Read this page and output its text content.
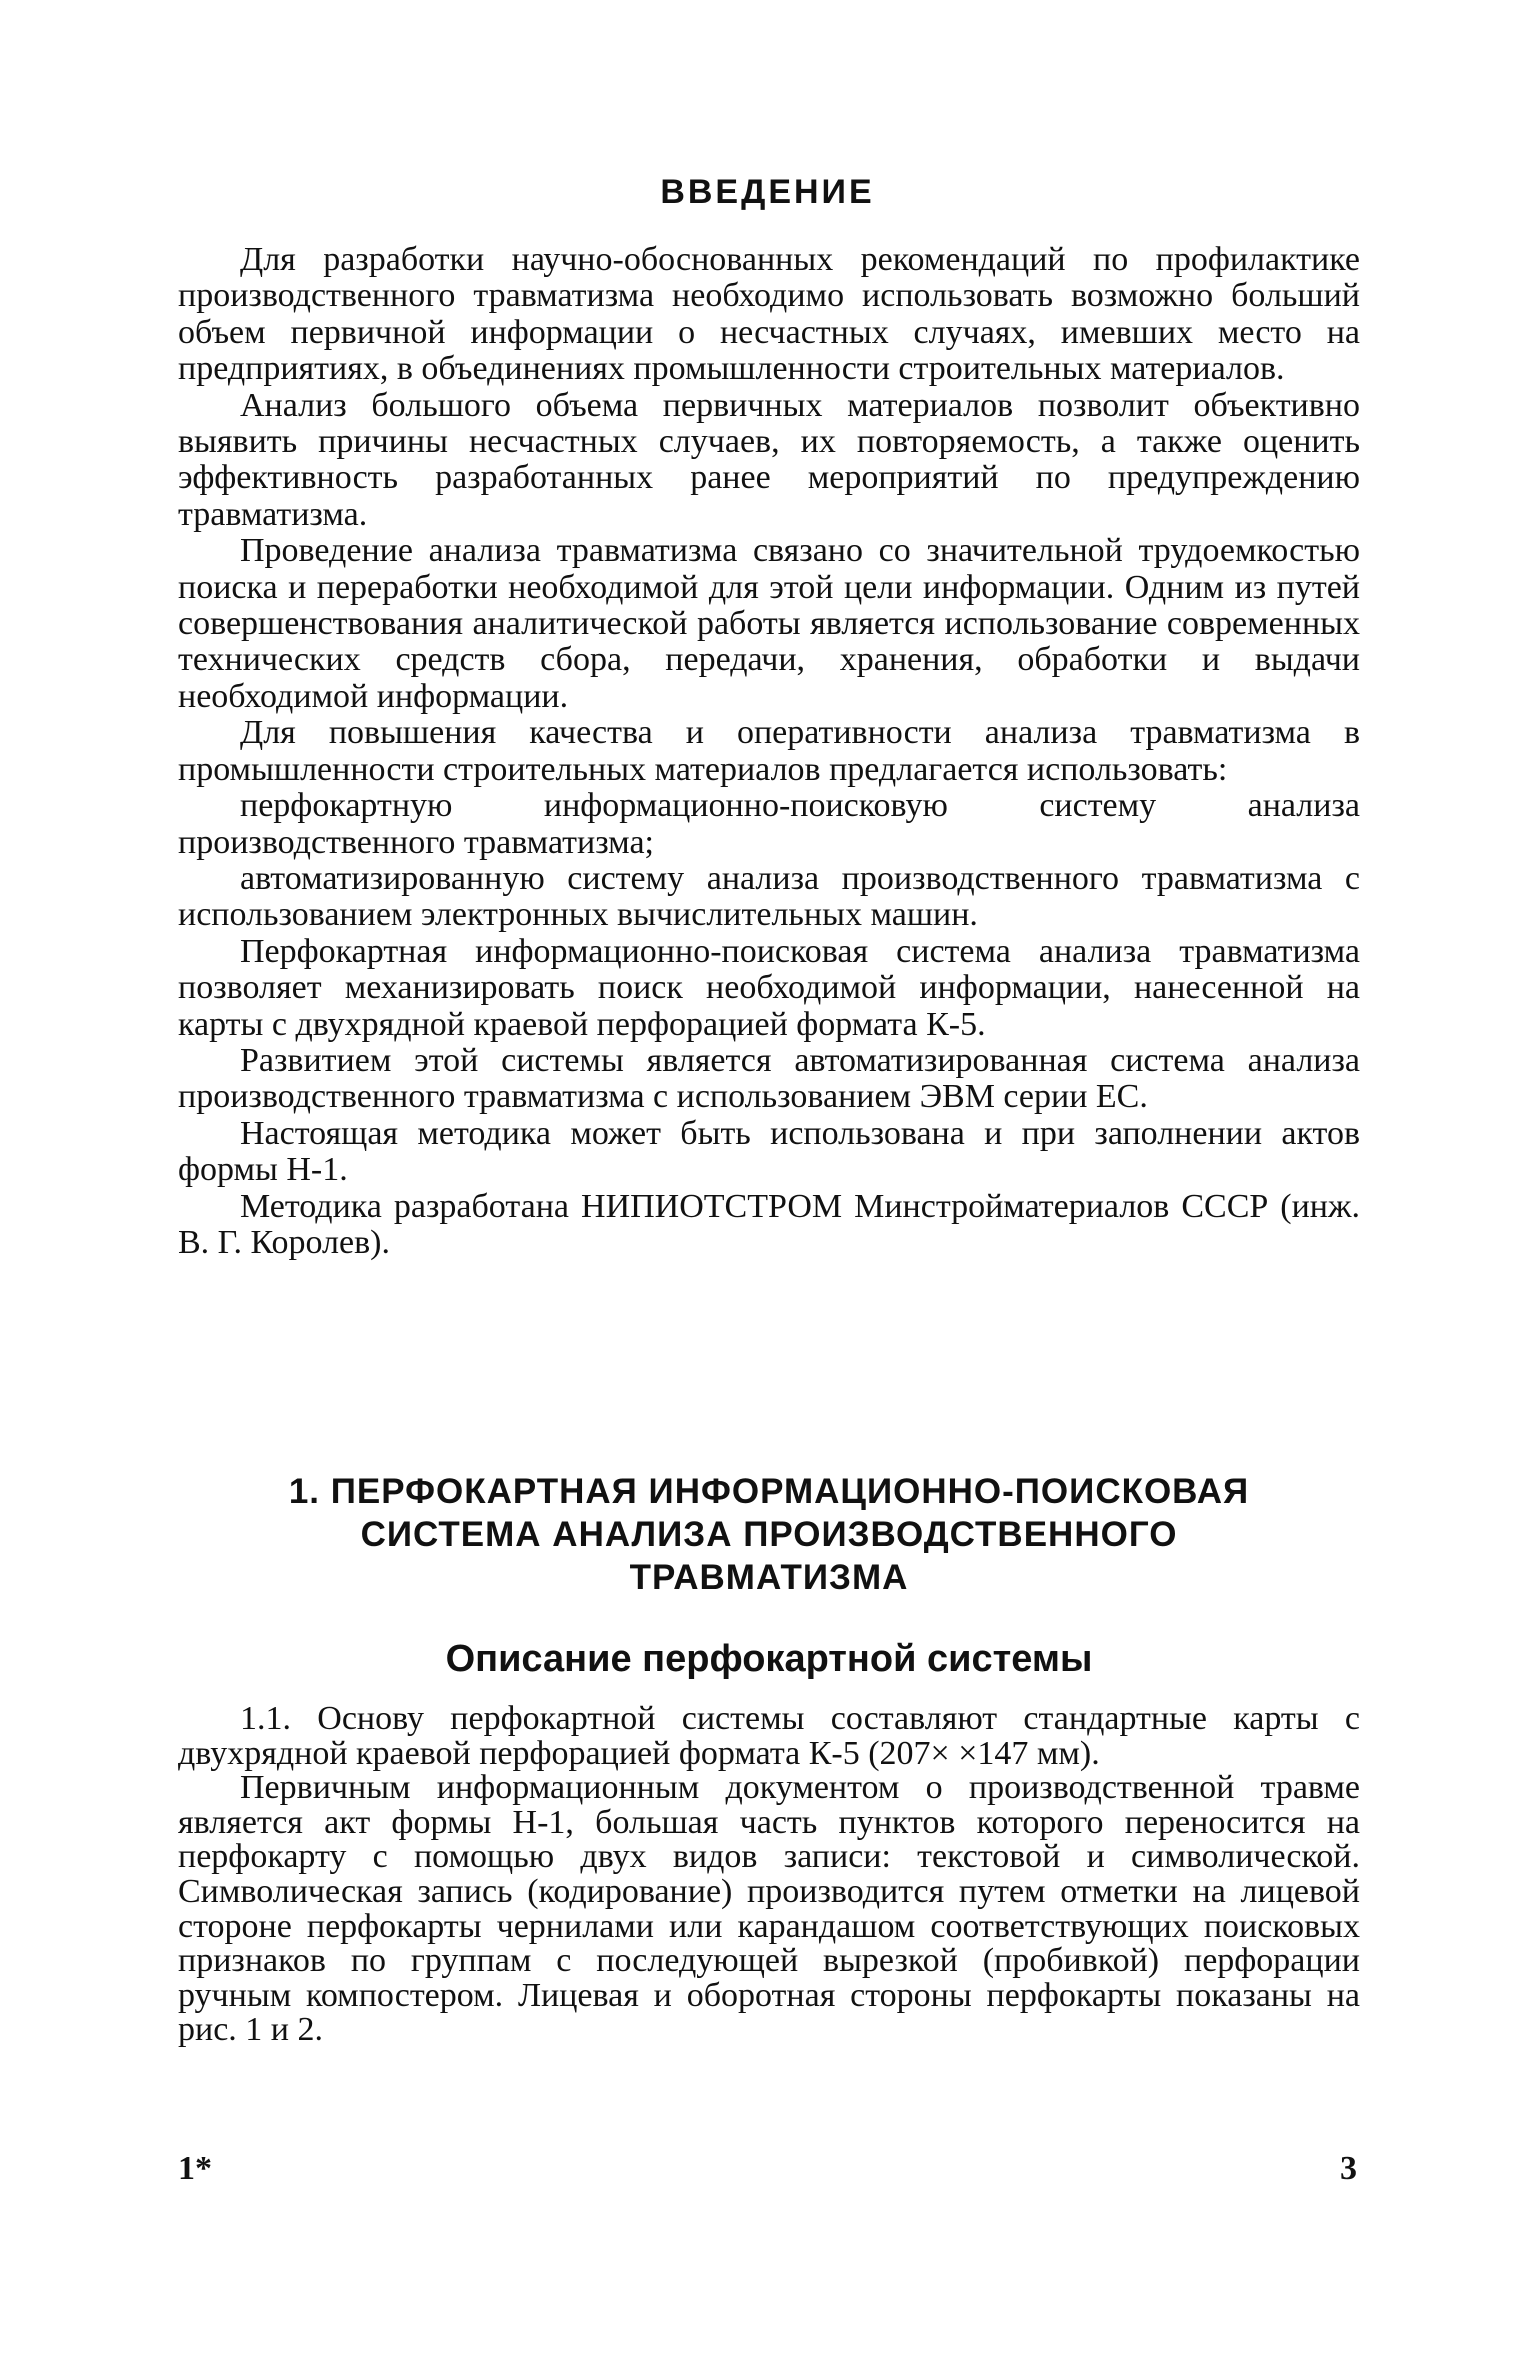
ВВЕДЕНИЕ

Для разработки научно-обоснованных рекомендаций по профилактике производственного травматизма необходимо использовать возможно больший объем первичной информации о несчастных случаях, имевших место на предприятиях, в объединениях промышленности строительных материалов.

Анализ большого объема первичных материалов позволит объективно выявить причины несчастных случаев, их повторяемость, а также оценить эффективность разработанных ранее мероприятий по предупреждению травматизма.

Проведение анализа травматизма связано со значительной трудоемкостью поиска и переработки необходимой для этой цели информации. Одним из путей совершенствования аналитической работы является использование современных технических средств сбора, передачи, хранения, обработки и выдачи необходимой информации.

Для повышения качества и оперативности анализа травматизма в промышленности строительных материалов предлагается использовать:

перфокартную информационно-поисковую систему анализа производственного травматизма;

автоматизированную систему анализа производственного травматизма с использованием электронных вычислительных машин.

Перфокартная информационно-поисковая система анализа травматизма позволяет механизировать поиск необходимой информации, нанесенной на карты с двухрядной краевой перфорацией формата К-5.

Развитием этой системы является автоматизированная система анализа производственного травматизма с использованием ЭВМ серии ЕС.

Настоящая методика может быть использована и при заполнении актов формы Н-1.

Методика разработана НИПИОТСТРОМ Минстройматериалов СССР (инж. В. Г. Королев).

1. ПЕРФОКАРТНАЯ ИНФОРМАЦИОННО-ПОИСКОВАЯ
СИСТЕМА АНАЛИЗА ПРОИЗВОДСТВЕННОГО
ТРАВМАТИЗМА
Описание перфокартной системы

1.1. Основу перфокартной системы составляют стандартные карты с двухрядной краевой перфорацией формата К-5 (207× ×147 мм).

Первичным информационным документом о производственной травме является акт формы Н-1, большая часть пунктов которого переносится на перфокарту с помощью двух видов записи: текстовой и символической. Символическая запись (кодирование) производится путем отметки на лицевой стороне перфокарты чернилами или карандашом соответствующих поисковых признаков по группам с последующей вырезкой (пробивкой) перфорации ручным компостером. Лицевая и оборотная стороны перфокарты показаны на рис. 1 и 2.

1*	3
